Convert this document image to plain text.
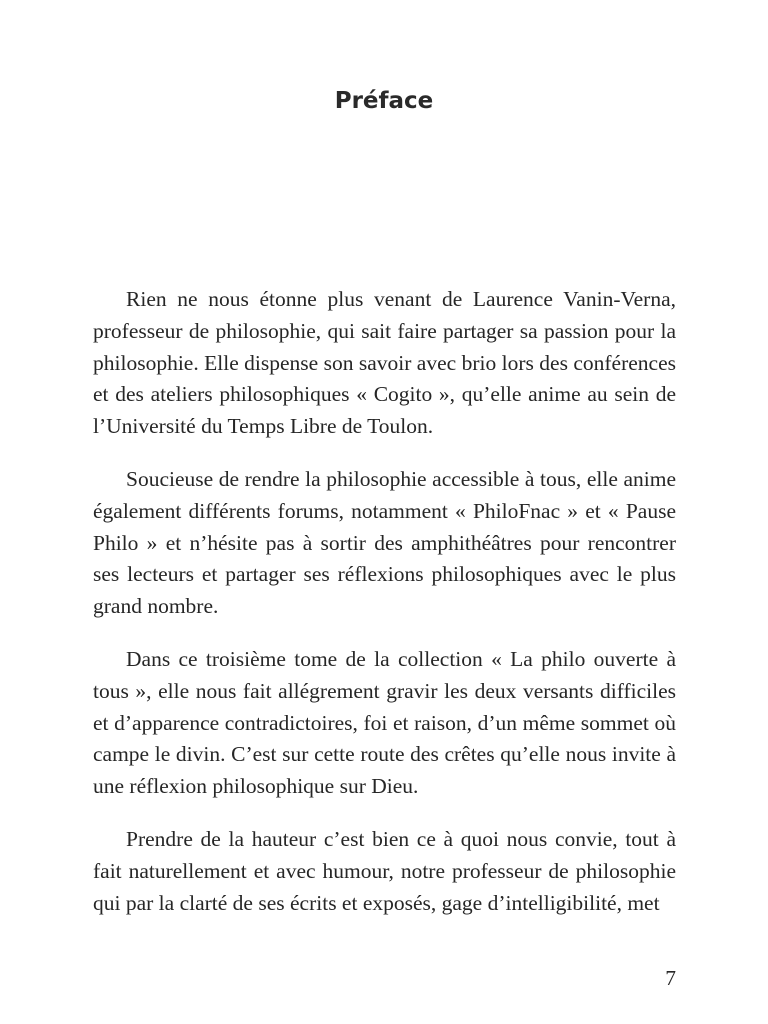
Préface

Rien ne nous étonne plus venant de Laurence Vanin-Verna, professeur de philosophie, qui sait faire partager sa passion pour la philosophie. Elle dispense son savoir avec brio lors des conférences et des ateliers philosophiques « Cogito », qu’elle anime au sein de l’Université du Temps Libre de Toulon.

Soucieuse de rendre la philosophie accessible à tous, elle anime également différents forums, notamment « PhiloFnac » et « Pause Philo » et n’hésite pas à sortir des amphithéâtres pour rencontrer ses lecteurs et partager ses réflexions philosophiques avec le plus grand nombre.

Dans ce troisième tome de la collection « La philo ouverte à tous », elle nous fait allégrement gravir les deux versants difficiles et d’apparence contradictoires, foi et raison, d’un même sommet où campe le divin. C’est sur cette route des crêtes qu’elle nous invite à une réflexion philosophique sur Dieu.

Prendre de la hauteur c’est bien ce à quoi nous convie, tout à fait naturellement et avec humour, notre professeur de philosophie qui par la clarté de ses écrits et exposés, gage d’intelligibilité, met

7
